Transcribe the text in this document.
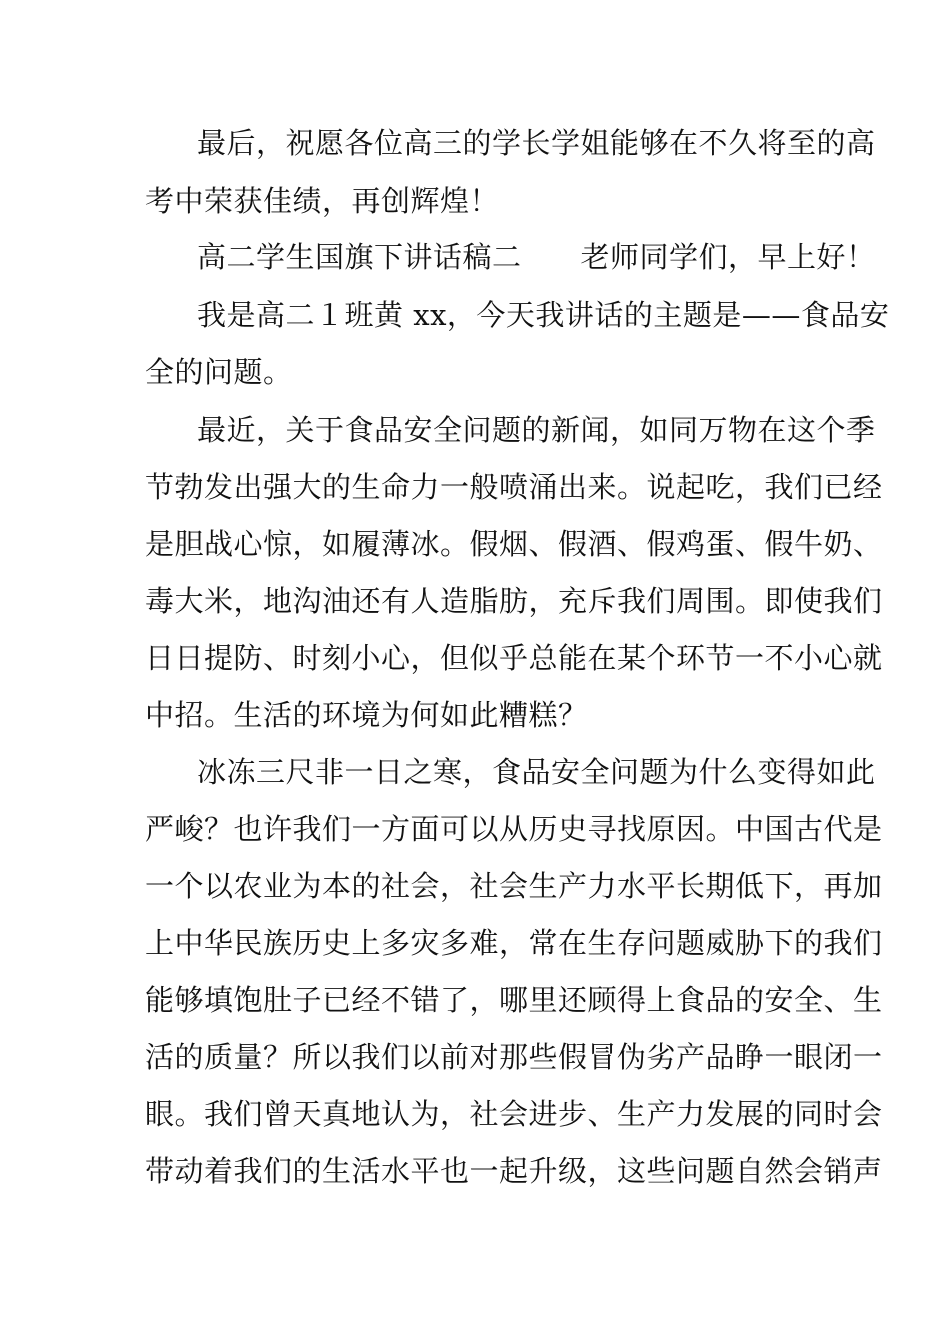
最后，祝愿各位高三的学长学姐能够在不久将至的高
考中荣获佳绩，再创辉煌！
高二学生国旗下讲话稿二　　老师同学们，早上好！
我是高二１班黄 xx，今天我讲话的主题是——食品安
全的问题。
最近，关于食品安全问题的新闻，如同万物在这个季
节勃发出强大的生命力一般喷涌出来。说起吃，我们已经
是胆战心惊，如履薄冰。假烟、假酒、假鸡蛋、假牛奶、
毒大米，地沟油还有人造脂肪，充斥我们周围。即使我们
日日提防、时刻小心，但似乎总能在某个环节一不小心就
中招。生活的环境为何如此糟糕？
冰冻三尺非一日之寒，食品安全问题为什么变得如此
严峻？也许我们一方面可以从历史寻找原因。中国古代是
一个以农业为本的社会，社会生产力水平长期低下，再加
上中华民族历史上多灾多难，常在生存问题威胁下的我们
能够填饱肚子已经不错了，哪里还顾得上食品的安全、生
活的质量？所以我们以前对那些假冒伪劣产品睁一眼闭一
眼。我们曾天真地认为，社会进步、生产力发展的同时会
带动着我们的生活水平也一起升级，这些问题自然会销声
